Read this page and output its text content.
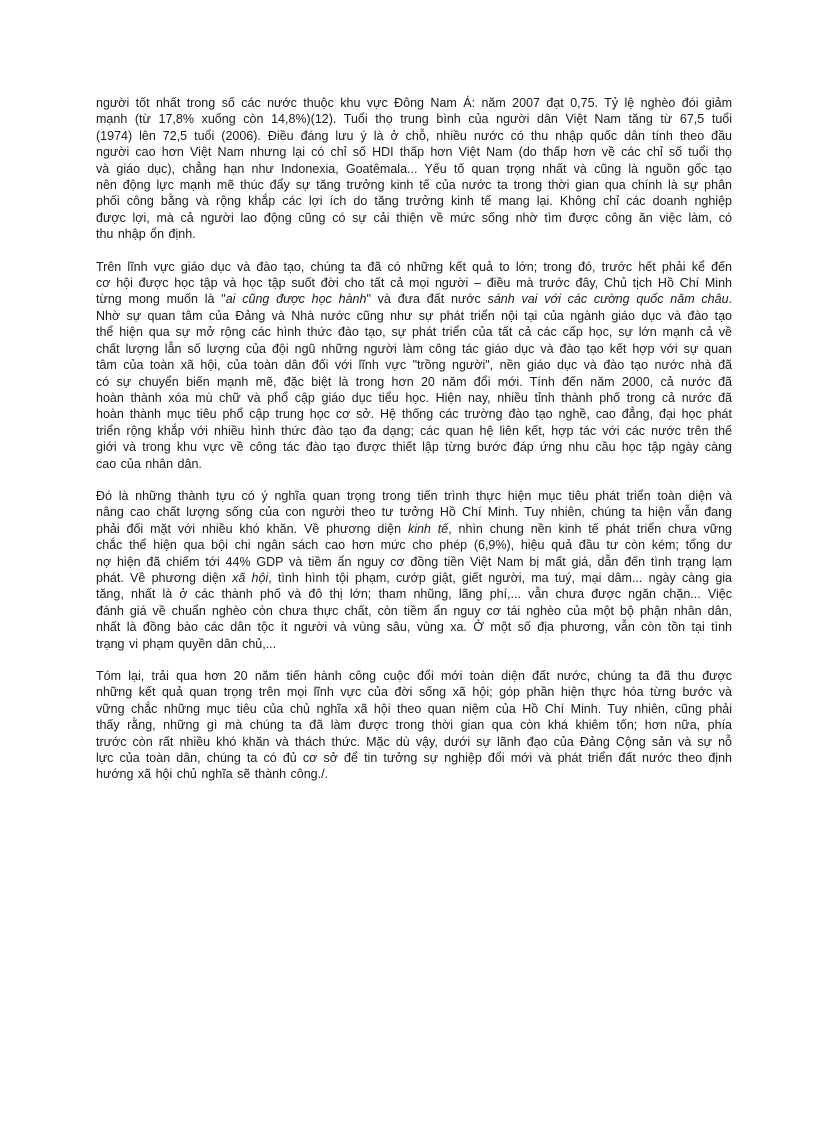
người tốt nhất trong số các nước thuộc khu vực Đông Nam Á: năm 2007 đạt 0,75. Tỷ lệ nghèo đói giảm
mạnh (từ 17,8% xuống còn 14,8%)(12). Tuổi thọ trung bình của người dân Việt Nam tăng từ 67,5 tuổi
(1974) lên 72,5 tuổi (2006). Điều đáng lưu ý là ở chỗ, nhiều nước có thu nhập quốc dân tính theo đầu
người cao hơn Việt Nam nhưng lại có chỉ số HDI thấp hơn Việt Nam (do thấp hơn về các chỉ số tuổi thọ
và giáo dục), chẳng hạn như Indonexia, Goatêmala... Yếu tố quan trọng nhất và cũng là nguồn gốc tạo
nên động lực mạnh mẽ thúc đẩy sự tăng trưởng kinh tế của nước ta trong thời gian qua chính là sự phân
phối công bằng và rộng khắp các lợi ích do tăng trưởng kinh tế mang lại. Không chỉ các doanh nghiệp
được lợi, mà cả người lao động cũng có sự cải thiện về mức sống nhờ tìm được công ăn việc làm, có
thu nhập ổn định.

Trên lĩnh vực giáo dục và đào tạo, chúng ta đã có những kết quả to lớn; trong đó, trước hết phải kể đến
cơ hội được học tập và học tập suốt đời cho tất cả mọi người – điều mà trước đây, Chủ tịch Hồ Chí Minh
từng mong muốn là "ai cũng được học hành" và đưa đất nước sánh vai với các cường quốc năm châu.
Nhờ sự quan tâm của Đảng và Nhà nước cũng như sự phát triển nội tại của ngành giáo dục và đào tạo
thể hiện qua sự mở rộng các hình thức đào tạo, sự phát triển của tất cả các cấp học, sự lớn mạnh cả về
chất lượng lẫn số lượng của đội ngũ những người làm công tác giáo dục và đào tạo kết hợp với sự quan
tâm của toàn xã hội, của toàn dân đối với lĩnh vực "trồng người", nền giáo dục và đào tạo nước nhà đã
có sự chuyển biến mạnh mẽ, đặc biệt là trong hơn 20 năm đổi mới. Tính đến năm 2000, cả nước đã
hoàn thành xóa mù chữ và phổ cập giáo dục tiểu học. Hiện nay, nhiều tỉnh thành phố trong cả nước đã
hoàn thành mục tiêu phổ cập trung học cơ sở. Hệ thống các trường đào tạo nghề, cao đẳng, đại học phát
triển rộng khắp với nhiều hình thức đào tạo đa dạng; các quan hệ liên kết, hợp tác với các nước trên thế
giới và trong khu vực về công tác đào tạo được thiết lập từng bước đáp ứng nhu cầu học tập ngày càng
cao của nhân dân.

Đó là những thành tựu có ý nghĩa quan trọng trong tiến trình thực hiện mục tiêu phát triển toàn diện và
nâng cao chất lượng sống của con người theo tư tưởng Hồ Chí Minh. Tuy nhiên, chúng ta hiện vẫn đang
phải đối mặt với nhiều khó khăn. Về phương diện kinh tế, nhìn chung nền kinh tế phát triển chưa vững
chắc thể hiện qua bội chi ngân sách cao hơn mức cho phép (6,9%), hiệu quả đầu tư còn kém; tổng dư
nợ hiện đã chiếm tới 44% GDP và tiềm ẩn nguy cơ đồng tiền Việt Nam bị mất giá, dẫn đến tình trạng lạm
phát. Về phương diện xã hội, tình hình tội phạm, cướp giật, giết người, ma tuý, mại dâm... ngày càng gia
tăng, nhất là ở các thành phố và đô thị lớn; tham nhũng, lãng phí,... vẫn chưa được ngăn chặn... Việc
đánh giá về chuẩn nghèo còn chưa thực chất, còn tiềm ẩn nguy cơ tái nghèo của một bộ phận nhân dân,
nhất là đồng bào các dân tộc ít người và vùng sâu, vùng xa. Ở một số địa phương, vẫn còn tồn tại tình
trạng vi phạm quyền dân chủ,...

Tóm lại, trải qua hơn 20 năm tiến hành công cuộc đổi mới toàn diện đất nước, chúng ta đã thu được
những kết quả quan trọng trên mọi lĩnh vực của đời sống xã hội; góp phần hiện thực hóa từng bước và
vững chắc những mục tiêu của chủ nghĩa xã hội theo quan niệm của Hồ Chí Minh. Tuy nhiên, cũng phải
thấy rằng, những gì mà chúng ta đã làm được trong thời gian qua còn khá khiêm tốn; hơn nữa, phía
trước còn rất nhiều khó khăn và thách thức. Mặc dù vậy, dưới sự lãnh đạo của Đảng Cộng sản và sự nỗ
lực của toàn dân, chúng ta có đủ cơ sở để tin tưởng sự nghiệp đổi mới và phát triển đất nước theo định
hướng xã hội chủ nghĩa sẽ thành công./.
